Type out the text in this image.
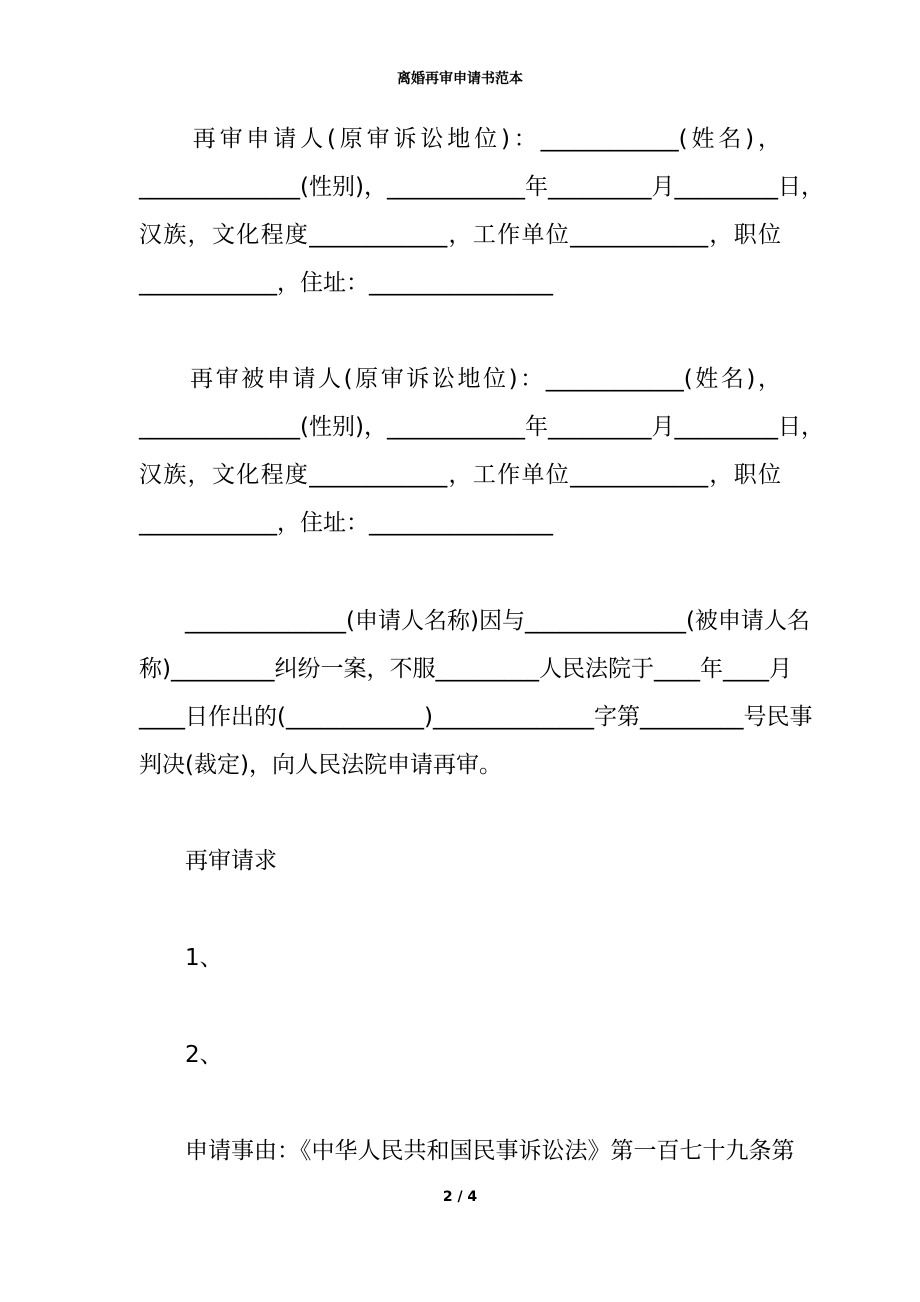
离婚再审申请书范本
　　再审申请人(原审诉讼地位)：____________(姓名)，
______________(性别)，____________年_________月_________日，
汉族，文化程度____________，工作单位____________，职位
____________，住址：________________
　　再审被申请人(原审诉讼地位)：____________(姓名)，
______________(性别)，____________年_________月_________日，
汉族，文化程度____________，工作单位____________，职位
____________，住址：________________
　　______________(申请人名称)因与______________(被申请人名
称)_________纠纷一案，不服_________人民法院于____年____月
____日作出的(____________)______________字第_________号民事
判决(裁定)，向人民法院申请再审。
　　再审请求
　　1、
　　2、
　　申请事由：《中华人民共和国民事诉讼法》第一百七十九条第
2 / 4
